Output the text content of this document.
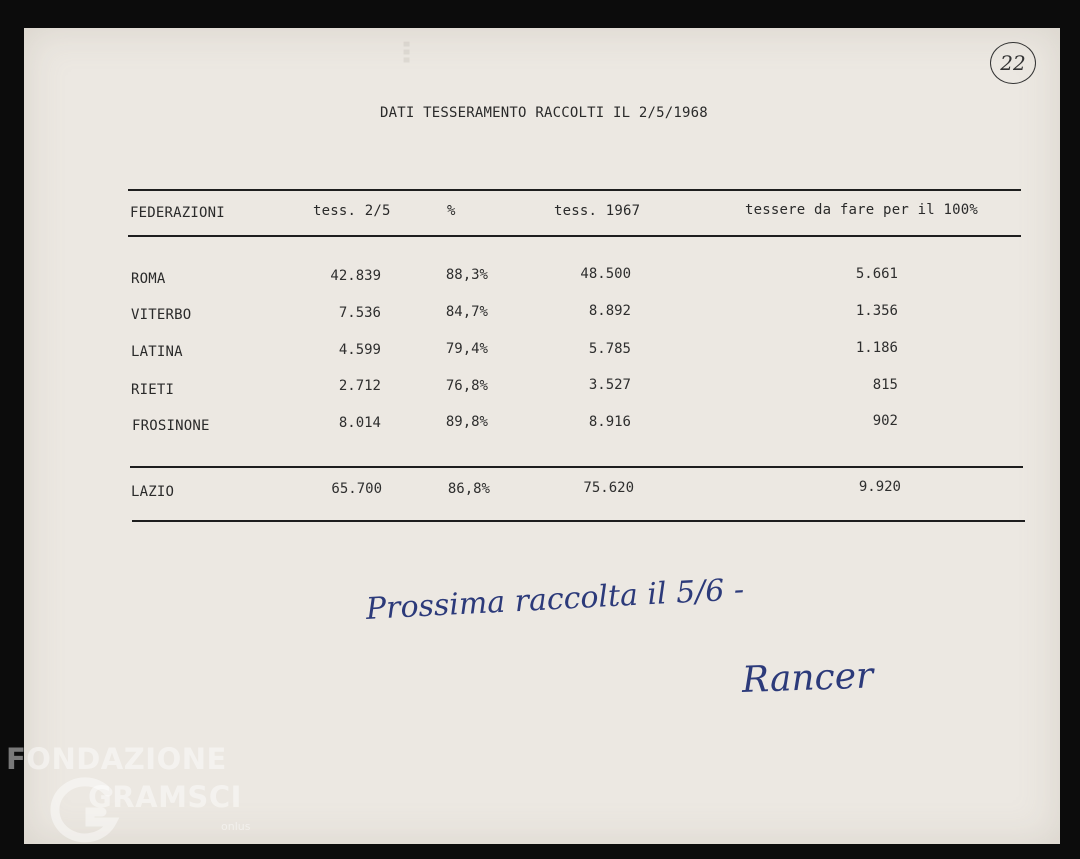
⋯	22
DATI TESSERAMENTO RACCOLTI IL 2/5/1968
FEDERAZIONI	tess. 2/5	%	tess. 1967	tessere da fare per il 100%
ROMA	42.839	88,3%	48.500	5.661
VITERBO	7.536	84,7%	8.892	1.356
LATINA	4.599	79,4%	5.785	1.186
RIETI	2.712	76,8%	3.527	815
FROSINONE	8.014	89,8%	8.916	902
LAZIO	65.700	86,8%	75.620	9.920
Prossima raccolta il 5/6 -
Rancer
FONDAZIONE
GRAMSCI
onlus
